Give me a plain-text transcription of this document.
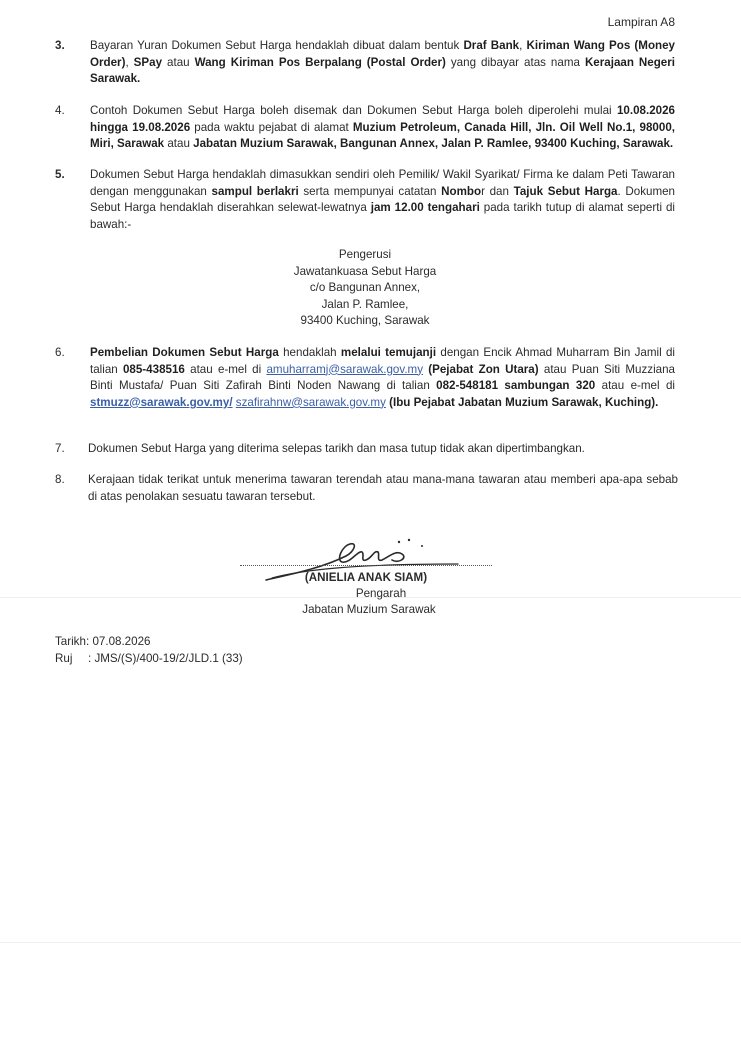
Lampiran A8
3.	Bayaran Yuran Dokumen Sebut Harga hendaklah dibuat dalam bentuk Draf Bank, Kiriman Wang Pos (Money Order), SPay atau Wang Kiriman Pos Berpalang (Postal Order) yang dibayar atas nama Kerajaan Negeri Sarawak.
4.	Contoh Dokumen Sebut Harga boleh disemak dan Dokumen Sebut Harga boleh diperolehi mulai 10.08.2026 hingga 19.08.2026 pada waktu pejabat di alamat Muzium Petroleum, Canada Hill, Jln. Oil Well No.1, 98000, Miri, Sarawak atau Jabatan Muzium Sarawak, Bangunan Annex, Jalan P. Ramlee, 93400 Kuching, Sarawak.
5.	Dokumen Sebut Harga hendaklah dimasukkan sendiri oleh Pemilik/ Wakil Syarikat/ Firma ke dalam Peti Tawaran dengan menggunakan sampul berlakri serta mempunyai catatan Nombor dan Tajuk Sebut Harga. Dokumen Sebut Harga hendaklah diserahkan selewat-lewatnya jam 12.00 tengahari pada tarikh tutup di alamat seperti di bawah:-
Pengerusi
Jawatankuasa Sebut Harga
c/o Bangunan Annex,
Jalan P. Ramlee,
93400 Kuching, Sarawak
6.	Pembelian Dokumen Sebut Harga hendaklah melalui temujanji dengan Encik Ahmad Muharram Bin Jamil di talian 085-438516 atau e-mel di amuharramj@sarawak.gov.my (Pejabat Zon Utara) atau Puan Siti Muzziana Binti Mustafa/ Puan Siti Zafirah Binti Noden Nawang di talian 082-548181 sambungan 320 atau e-mel di stmuzz@sarawak.gov.my/ szafirahnw@sarawak.gov.my (Ibu Pejabat Jabatan Muzium Sarawak, Kuching).
7.	Dokumen Sebut Harga yang diterima selepas tarikh dan masa tutup tidak akan dipertimbangkan.
8.	Kerajaan tidak terikat untuk menerima tawaran terendah atau mana-mana tawaran atau memberi apa-apa sebab di atas penolakan sesuatu tawaran tersebut.
(ANIELIA ANAK SIAM)
Pengarah
Jabatan Muzium Sarawak
Tarikh: 07.08.2026
Ruj : JMS/(S)/400-19/2/JLD.1 (33)
